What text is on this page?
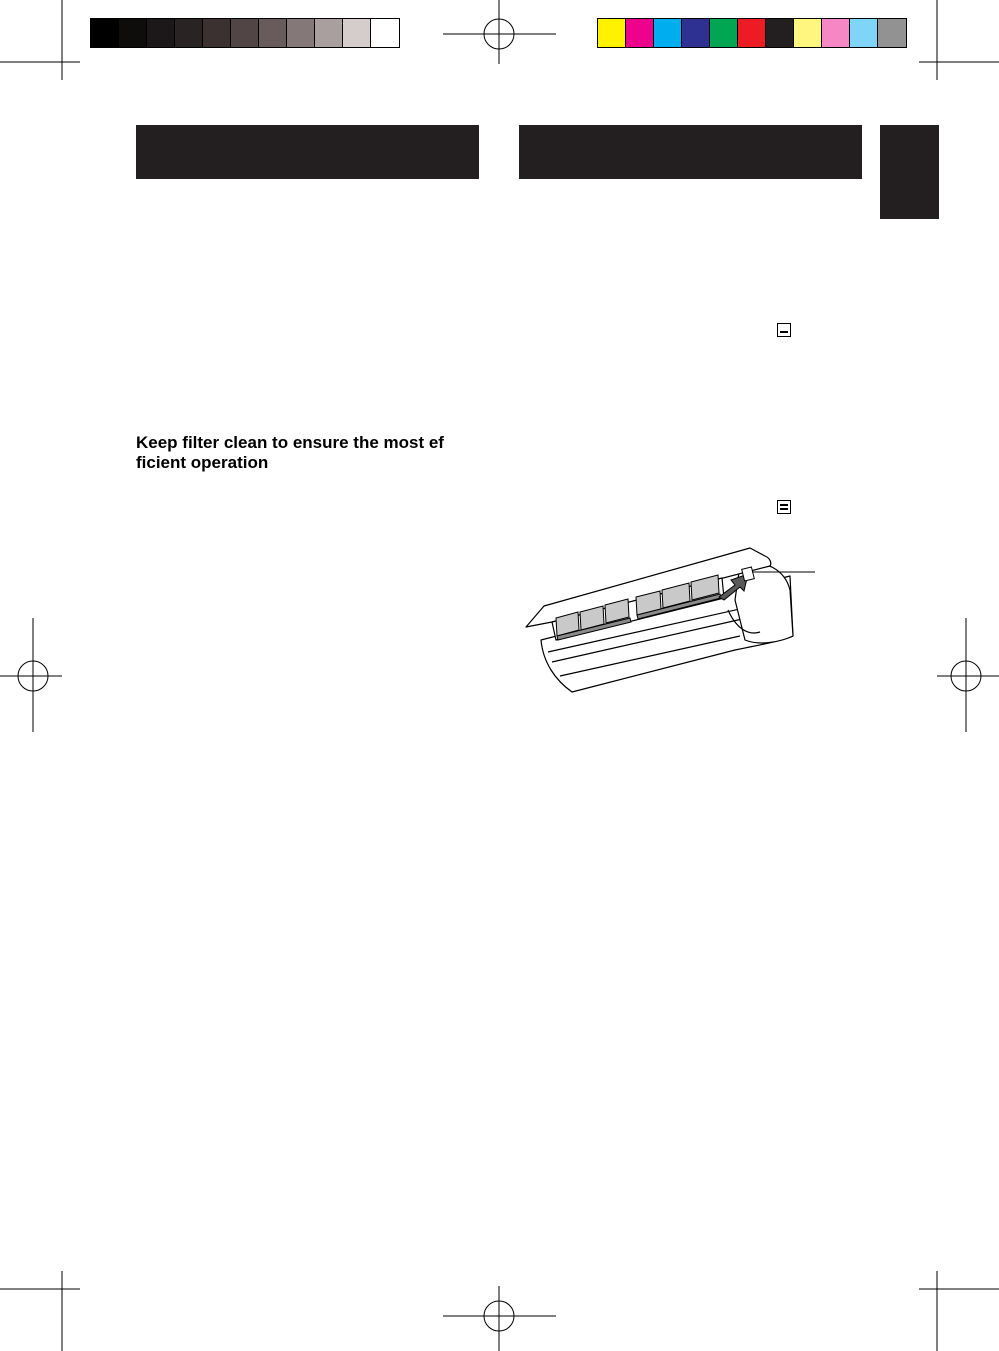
Keep filter clean to ensure the most ef
ficient operation
